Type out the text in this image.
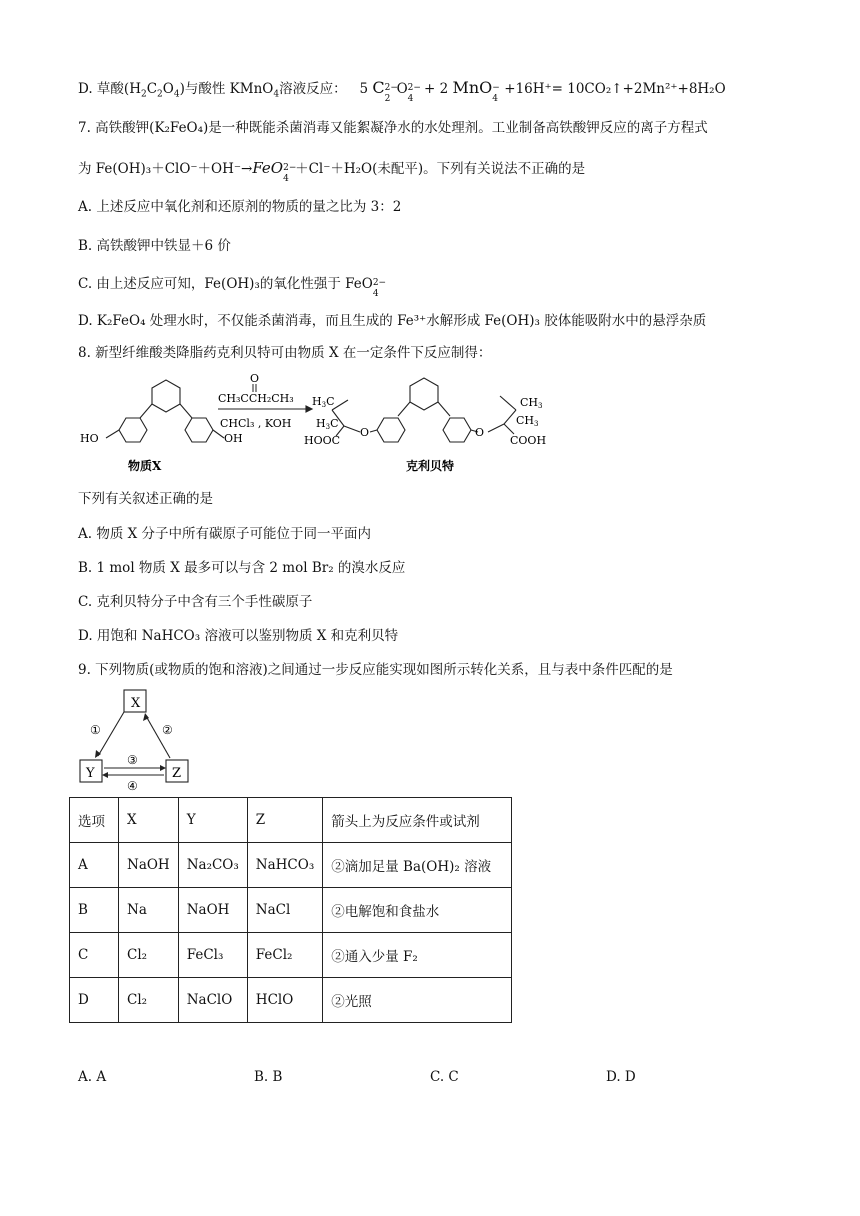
D. 草酸$(H_2C_2O_4)$与酸性 KMnO$_4$溶液反应：   5 C 2−
2
O 2−
4
+ 2 MnO −
4
+16H⁺= 10CO₂↑+2Mn²⁺+8H₂O
7. 高铁酸钾(K₂FeO₄)是一种既能杀菌消毒又能絮凝净水的水处理剂。工业制备高铁酸钾反应的离子方程式
为 Fe(OH)₃＋ClO⁻＋OH⁻→FeO 2−
4
＋Cl⁻＋H₂O(未配平)。下列有关说法不正确的是
A. 上述反应中氧化剂和还原剂的物质的量之比为 3：2
B. 高铁酸钾中铁显＋6 价
C. 由上述反应可知，Fe(OH)₃的氧化性强于 FeO 2−
4
D. K₂FeO₄ 处理水时，不仅能杀菌消毒，而且生成的 Fe³⁺水解形成 Fe(OH)₃ 胶体能吸附水中的悬浮杂质
8. 新型纤维酸类降脂药克利贝特可由物质 X 在一定条件下反应制得：
HO	OH
O
CH₃CCH₂CH₃
CHCl₃ , KOH
H3C
H3C
HOOC
O	O
CH3
CH3
COOH
物质X	克利贝特
下列有关叙述正确的是
A. 物质 X 分子中所有碳原子可能位于同一平面内
B. 1 mol 物质 X 最多可以与含 2 mol Br₂ 的溴水反应
C. 克利贝特分子中含有三个手性碳原子
D. 用饱和 NaHCO₃ 溶液可以鉴别物质 X 和克利贝特
9. 下列物质(或物质的饱和溶液)之间通过一步反应能实现如图所示转化关系，且与表中条件匹配的是
X
Y	Z
①	②
③
④
选项	X	Y	Z	箭头上为反应条件或试剂
A	NaOH	Na₂CO₃	NaHCO₃	②滴加足量 Ba(OH)₂ 溶液
B	Na	NaOH	NaCl	②电解饱和食盐水
C	Cl₂	FeCl₃	FeCl₂	②通入少量 F₂
D	Cl₂	NaClO	HClO	②光照
A. A	B. B	C. C	D. D
